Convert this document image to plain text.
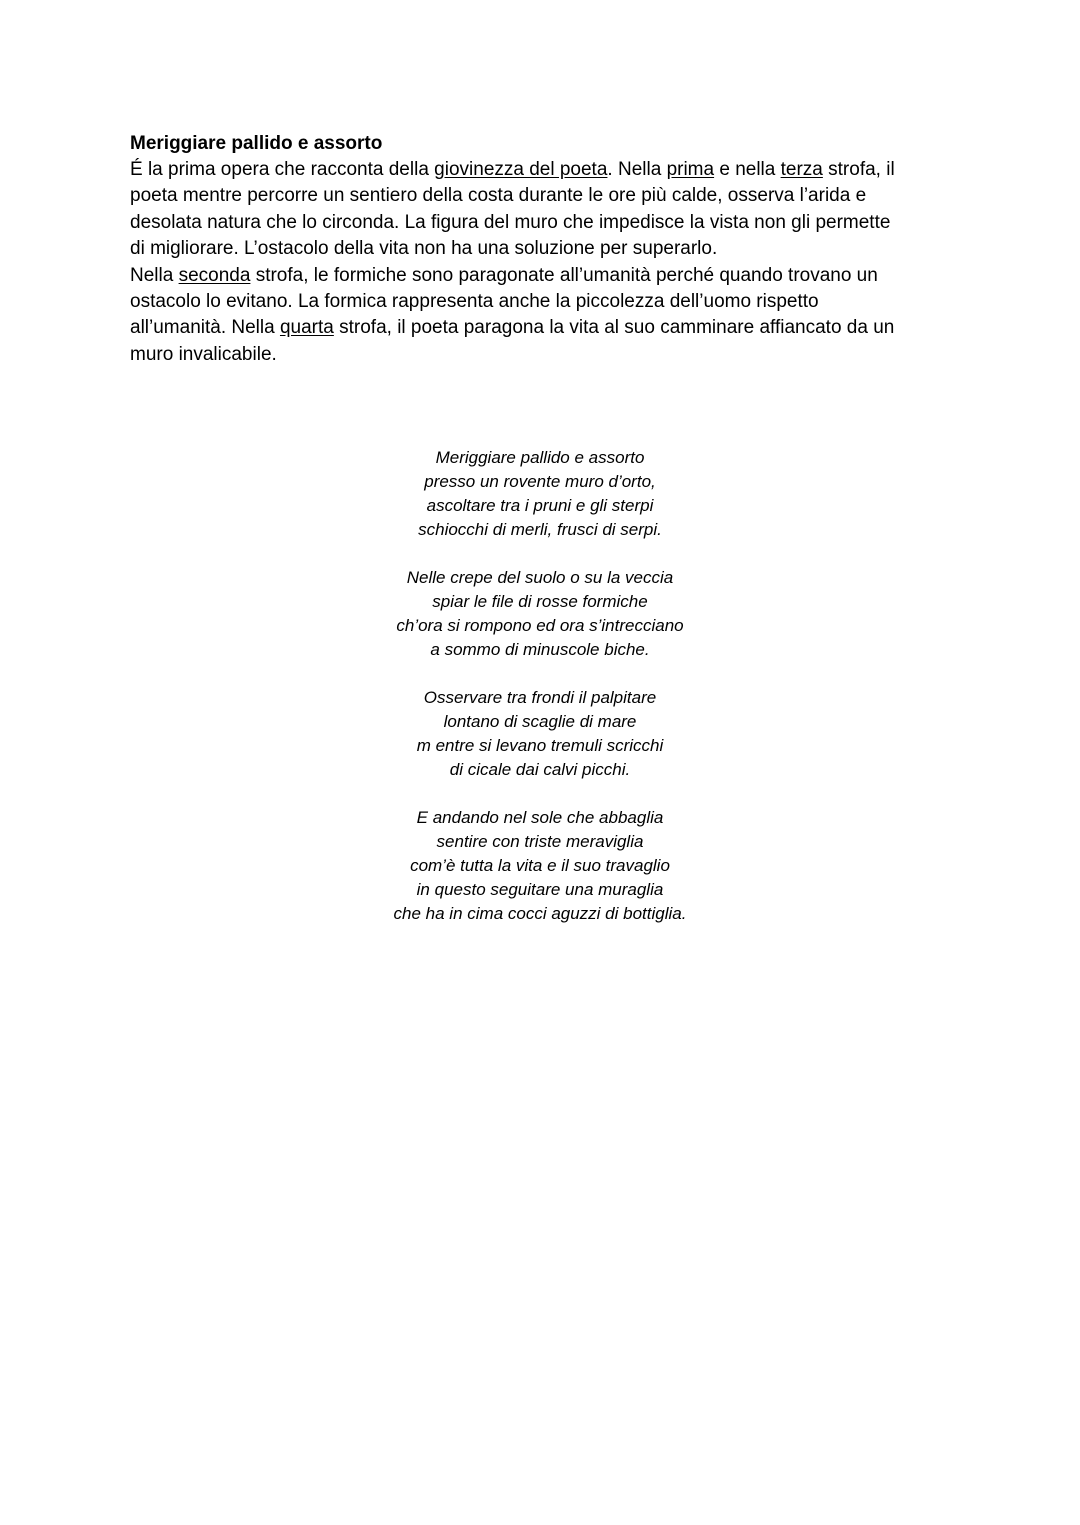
Meriggiare pallido e assorto

É la prima opera che racconta della giovinezza del poeta. Nella prima e nella terza strofa, il
poeta mentre percorre un sentiero della costa durante le ore più calde, osserva l’arida e
desolata natura che lo circonda. La figura del muro che impedisce la vista non gli permette
di migliorare. L’ostacolo della vita non ha una soluzione per superarlo.
Nella seconda strofa, le formiche sono paragonate all’umanità perché quando trovano un
ostacolo lo evitano. La formica rappresenta anche la piccolezza dell’uomo rispetto
all’umanità. Nella quarta strofa, il poeta paragona la vita al suo camminare affiancato da un
muro invalicabile.

Meriggiare pallido e assorto
presso un rovente muro d’orto,
ascoltare tra i pruni e gli sterpi
schiocchi di merli, frusci di serpi.
Nelle crepe del suolo o su la veccia
spiar le file di rosse formiche
ch’ora si rompono ed ora s’intrecciano
a sommo di minuscole biche.
Osservare tra frondi il palpitare
lontano di scaglie di mare
m entre si levano tremuli scricchi
di cicale dai calvi picchi.
E andando nel sole che abbaglia
sentire con triste meraviglia
com’è tutta la vita e il suo travaglio
in questo seguitare una muraglia
che ha in cima cocci aguzzi di bottiglia.
